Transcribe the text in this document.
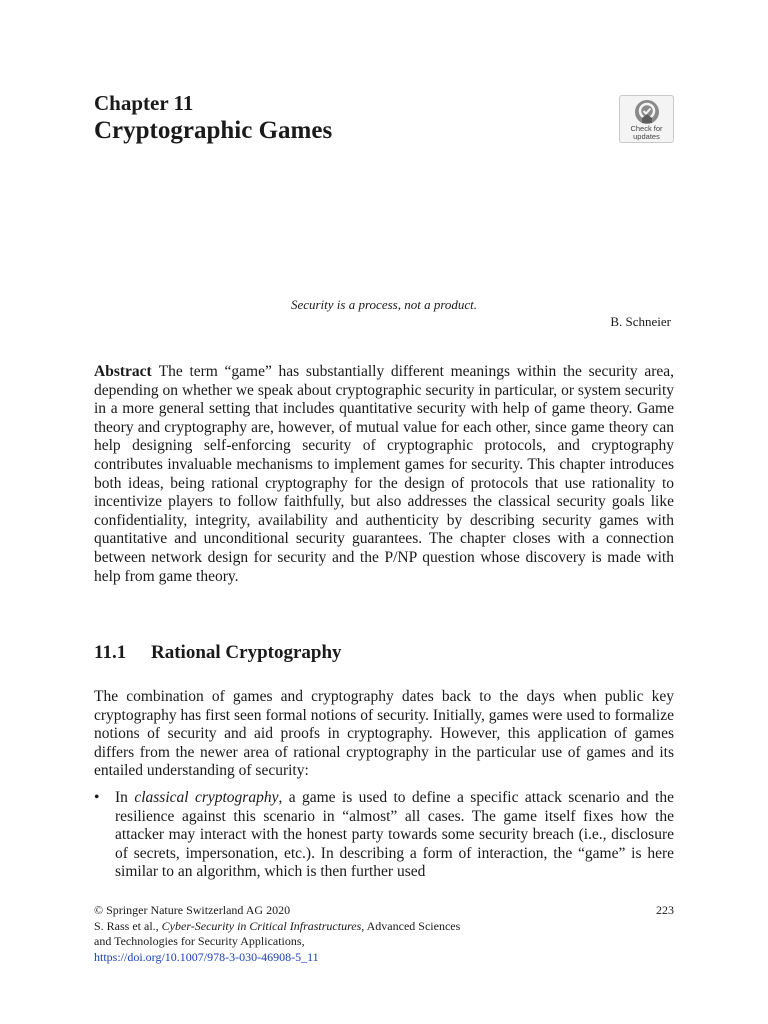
Chapter 11
Cryptographic Games	Check for
updates
Security is a process, not a product.
B. Schneier

Abstract The term “game” has substantially different meanings within the security area, depending on whether we speak about cryptographic security in particular, or system security in a more general setting that includes quantitative security with help of game theory. Game theory and cryptography are, however, of mutual value for each other, since game theory can help designing self-enforcing security of cryptographic protocols, and cryptography contributes invaluable mechanisms to implement games for security. This chapter introduces both ideas, being rational cryptography for the design of protocols that use rationality to incentivize players to follow faithfully, but also addresses the classical security goals like confidentiality, integrity, availability and authenticity by describing security games with quantitative and unconditional security guarantees. The chapter closes with a connection between network design for security and the P/NP question whose discovery is made with help from game theory.

11.1 Rational Cryptography

The combination of games and cryptography dates back to the days when public key cryptography has first seen formal notions of security. Initially, games were used to formalize notions of security and aid proofs in cryptography. However, this application of games differs from the newer area of rational cryptography in the particular use of games and its entailed understanding of security:

• In classical cryptography, a game is used to define a specific attack scenario and the resilience against this scenario in “almost” all cases. The game itself fixes how the attacker may interact with the honest party towards some security breach (i.e., disclosure of secrets, impersonation, etc.). In describing a form of interaction, the “game” is here similar to an algorithm, which is then further used
© Springer Nature Switzerland AG 2020
S. Rass et al., Cyber-Security in Critical Infrastructures, Advanced Sciences
and Technologies for Security Applications,
https://doi.org/10.1007/978-3-030-46908-5_11
223
